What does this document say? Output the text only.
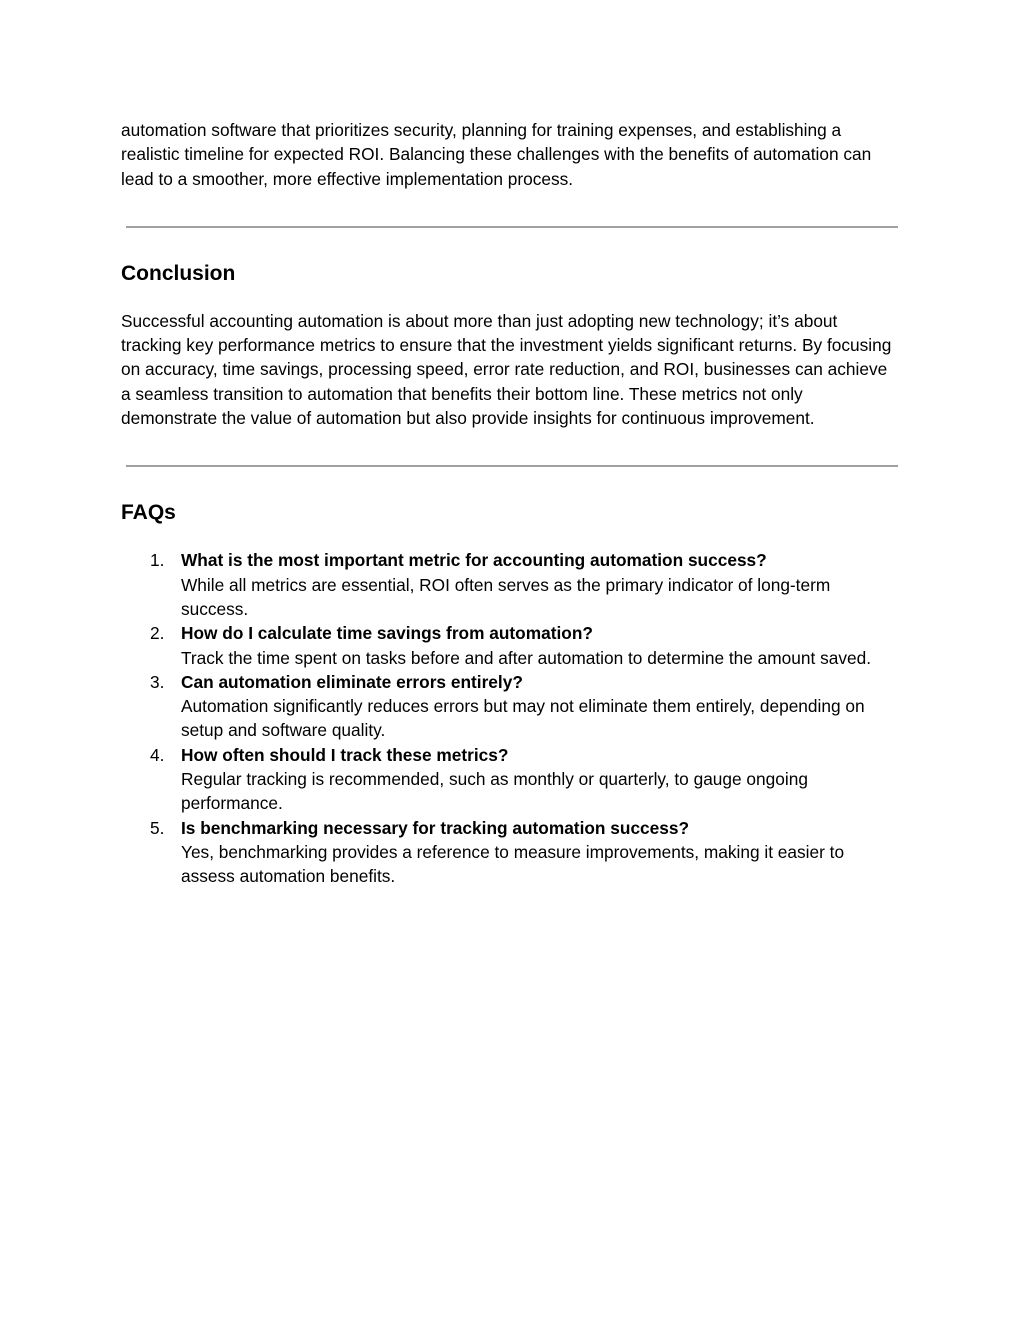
automation software that prioritizes security, planning for training expenses, and establishing a realistic timeline for expected ROI. Balancing these challenges with the benefits of automation can lead to a smoother, more effective implementation process.

Conclusion

Successful accounting automation is about more than just adopting new technology; it’s about tracking key performance metrics to ensure that the investment yields significant returns. By focusing on accuracy, time savings, processing speed, error rate reduction, and ROI, businesses can achieve a seamless transition to automation that benefits their bottom line. These metrics not only demonstrate the value of automation but also provide insights for continuous improvement.

FAQs
1. What is the most important metric for accounting automation success?
While all metrics are essential, ROI often serves as the primary indicator of long-term success.
2. How do I calculate time savings from automation?
Track the time spent on tasks before and after automation to determine the amount saved.
3. Can automation eliminate errors entirely?
Automation significantly reduces errors but may not eliminate them entirely, depending on setup and software quality.
4. How often should I track these metrics?
Regular tracking is recommended, such as monthly or quarterly, to gauge ongoing performance.
5. Is benchmarking necessary for tracking automation success?
Yes, benchmarking provides a reference to measure improvements, making it easier to assess automation benefits.
